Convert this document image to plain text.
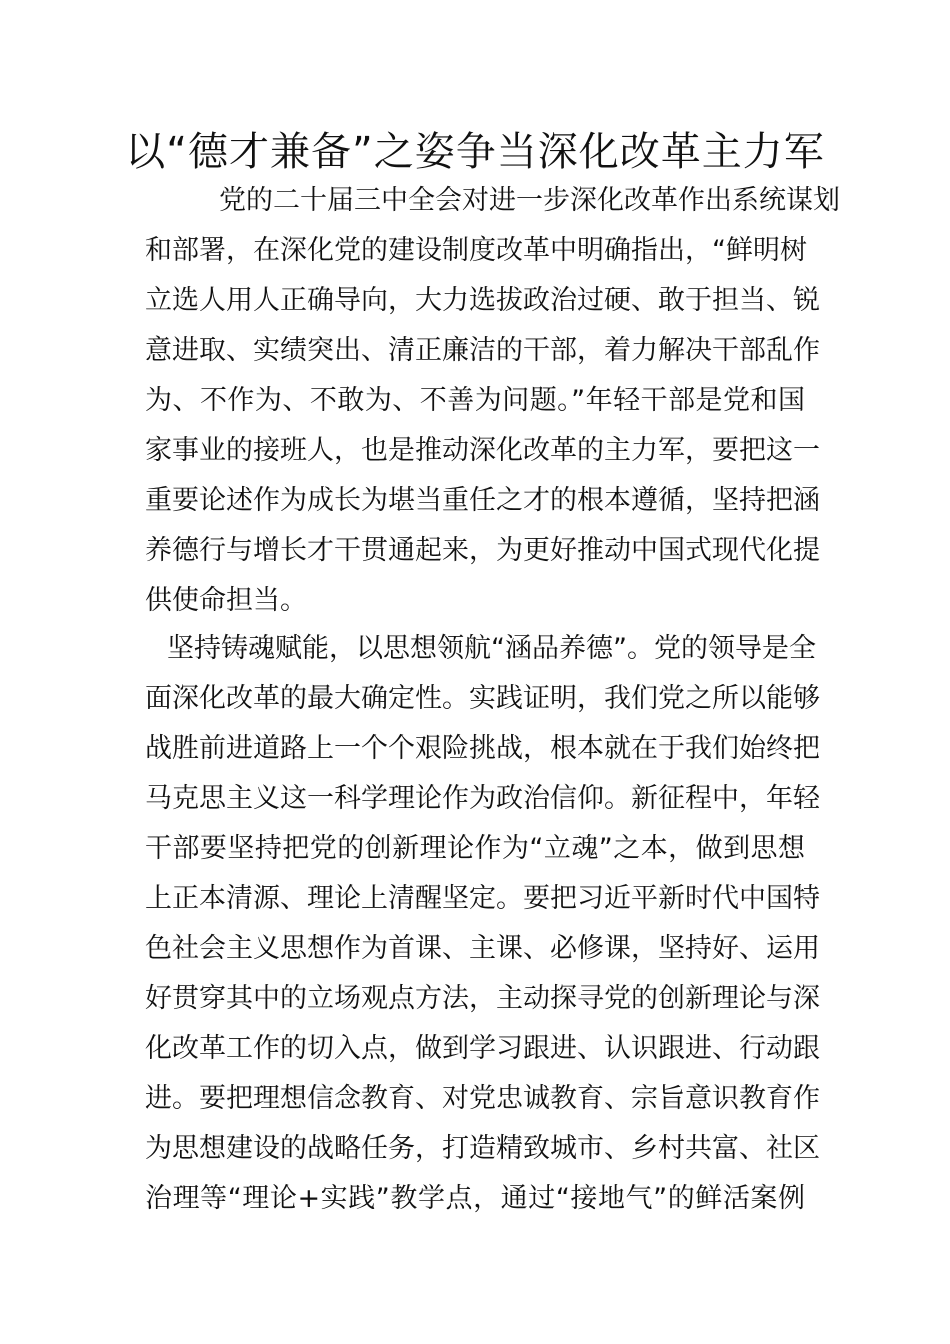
以“德才兼备”之姿争当深化改革主力军
党的二十届三中全会对进一步深化改革作出系统谋划
和部署，在深化党的建设制度改革中明确指出，“鲜明树
立选人用人正确导向，大力选拔政治过硬、敢于担当、锐
意进取、实绩突出、清正廉洁的干部，着力解决干部乱作
为、不作为、不敢为、不善为问题。”年轻干部是党和国
家事业的接班人，也是推动深化改革的主力军，要把这一
重要论述作为成长为堪当重任之才的根本遵循，坚持把涵
养德行与增长才干贯通起来，为更好推动中国式现代化提
供使命担当。
坚持铸魂赋能，以思想领航“涵品养德”。党的领导是全
面深化改革的最大确定性。实践证明，我们党之所以能够
战胜前进道路上一个个艰险挑战，根本就在于我们始终把
马克思主义这一科学理论作为政治信仰。新征程中，年轻
干部要坚持把党的创新理论作为“立魂”之本，做到思想
上正本清源、理论上清醒坚定。要把习近平新时代中国特
色社会主义思想作为首课、主课、必修课，坚持好、运用
好贯穿其中的立场观点方法，主动探寻党的创新理论与深
化改革工作的切入点，做到学习跟进、认识跟进、行动跟
进。要把理想信念教育、对党忠诚教育、宗旨意识教育作
为思想建设的战略任务，打造精致城市、乡村共富、社区
治理等“理论+实践”教学点，通过“接地气”的鲜活案例
